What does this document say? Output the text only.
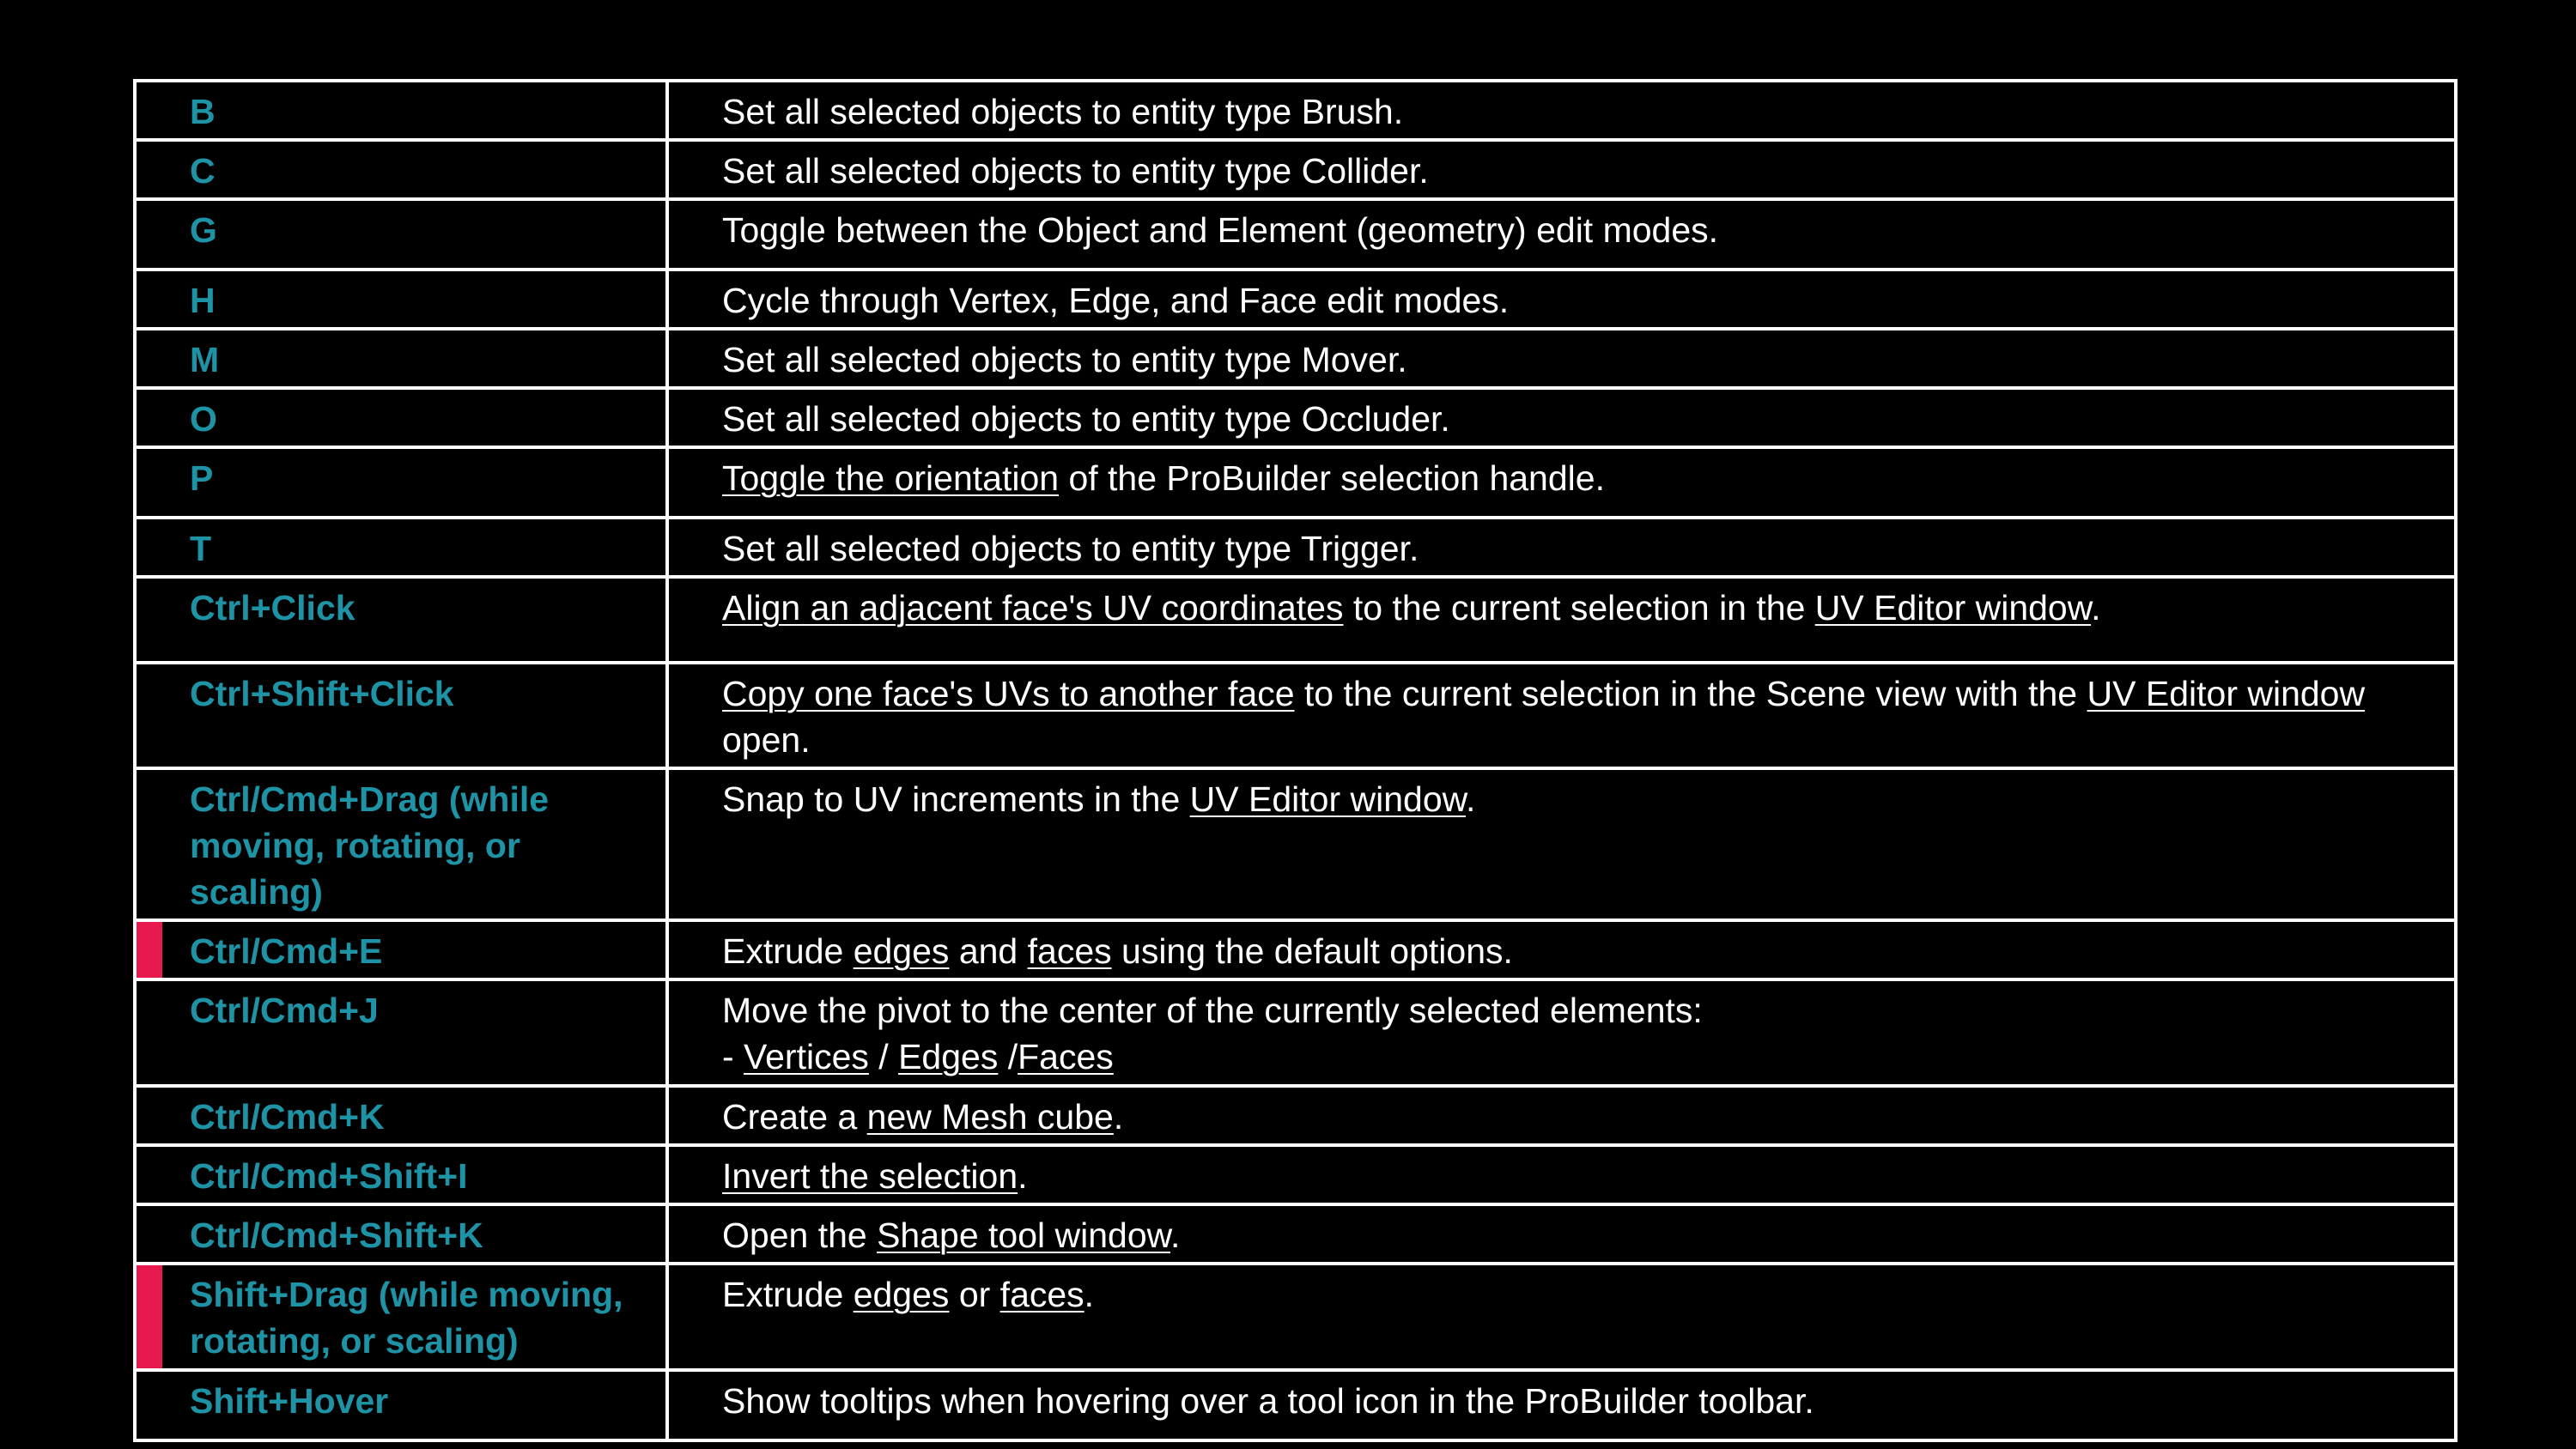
B	Set all selected objects to entity type Brush.
C	Set all selected objects to entity type Collider.
G	Toggle between the Object and Element (geometry) edit modes.
H	Cycle through Vertex, Edge, and Face edit modes.
M	Set all selected objects to entity type Mover.
O	Set all selected objects to entity type Occluder.
P	Toggle the orientation of the ProBuilder selection handle.
T	Set all selected objects to entity type Trigger.
Ctrl+Click	Align an adjacent face's UV coordinates to the current selection in the UV Editor window.
Ctrl+Shift+Click	Copy one face's UVs to another face to the current selection in the Scene view with the UV Editor window open.
Ctrl/Cmd+Drag (while moving, rotating, or scaling)	Snap to UV increments in the UV Editor window.
Ctrl/Cmd+E	Extrude edges and faces using the default options.
Ctrl/Cmd+J	Move the pivot to the center of the currently selected elements:
- Vertices / Edges /Faces

Ctrl/Cmd+K	Create a new Mesh cube.
Ctrl/Cmd+Shift+I	Invert the selection.
Ctrl/Cmd+Shift+K	Open the Shape tool window.
Shift+Drag (while moving, rotating, or scaling)	Extrude edges or faces.
Shift+Hover	Show tooltips when hovering over a tool icon in the ProBuilder toolbar.
